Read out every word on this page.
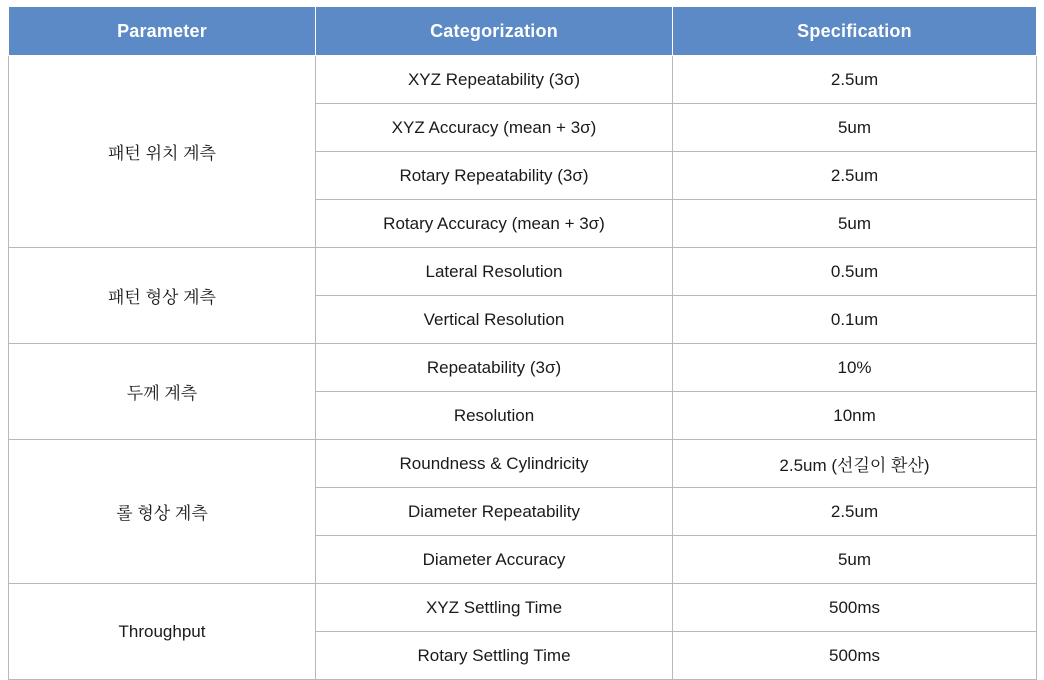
Parameter	Categorization	Specification
패턴 위치 계측	XYZ Repeatability (3σ)	2.5um
	XYZ Accuracy (mean + 3σ)	5um
	Rotary Repeatability (3σ)	2.5um
	Rotary Accuracy (mean + 3σ)	5um
패턴 형상 계측	Lateral Resolution	0.5um
	Vertical Resolution	0.1um
두께 계측	Repeatability (3σ)	10%
	Resolution	10nm
롤 형상 계측	Roundness & Cylindricity	2.5um (선길이 환산)
	Diameter Repeatability	2.5um
	Diameter Accuracy	5um
Throughput	XYZ Settling Time	500ms
	Rotary Settling Time	500ms
